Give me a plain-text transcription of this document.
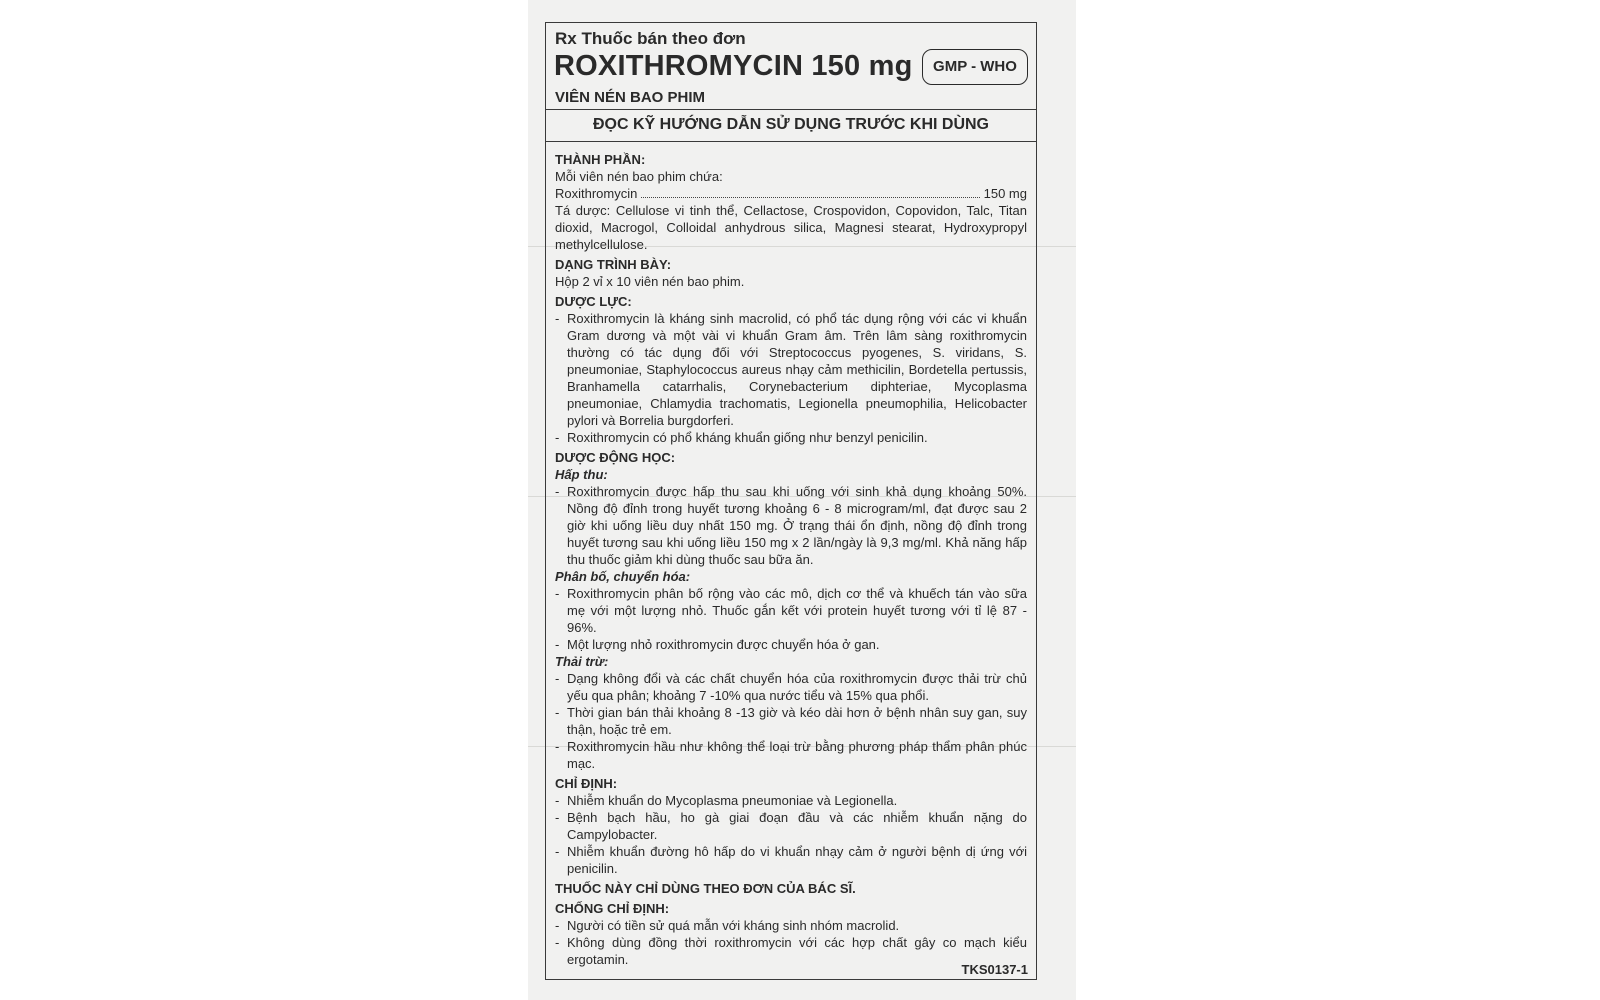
Rx Thuốc bán theo đơn
ROXITHROMYCIN 150 mg	GMP - WHO
VIÊN NÉN BAO PHIM
ĐỌC KỸ HƯỚNG DẪN SỬ DỤNG TRƯỚC KHI DÙNG
THÀNH PHẦN:
Mỗi viên nén bao phim chứa:
Roxithromycin	150 mg
Tá dược: Cellulose vi tinh thể, Cellactose, Crospovidon, Copovidon, Talc, Titan dioxid, Macrogol, Colloidal anhydrous silica, Magnesi stearat, Hydroxypropyl methylcellulose.
DẠNG TRÌNH BÀY:
Hộp 2 vỉ x 10 viên nén bao phim.
DƯỢC LỰC:
- Roxithromycin là kháng sinh macrolid, có phổ tác dụng rộng với các vi khuẩn Gram dương và một vài vi khuẩn Gram âm. Trên lâm sàng roxithromycin thường có tác dụng đối với Streptococcus pyogenes, S. viridans, S. pneumoniae, Staphylococcus aureus nhạy cảm methicilin, Bordetella pertussis, Branhamella catarrhalis, Corynebacterium diphteriae, Mycoplasma pneumoniae, Chlamydia trachomatis, Legionella pneumophilia, Helicobacter pylori và Borrelia burgdorferi.
- Roxithromycin có phổ kháng khuẩn giống như benzyl penicilin.
DƯỢC ĐỘNG HỌC:
Hấp thu:
- Roxithromycin được hấp thu sau khi uống với sinh khả dụng khoảng 50%. Nồng độ đỉnh trong huyết tương khoảng 6 - 8 microgram/ml, đạt được sau 2 giờ khi uống liều duy nhất 150 mg. Ở trạng thái ổn định, nồng độ đỉnh trong huyết tương sau khi uống liều 150 mg x 2 lần/ngày là 9,3 mg/ml. Khả năng hấp thu thuốc giảm khi dùng thuốc sau bữa ăn.
Phân bố, chuyển hóa:
- Roxithromycin phân bố rộng vào các mô, dịch cơ thể và khuếch tán vào sữa mẹ với một lượng nhỏ. Thuốc gắn kết với protein huyết tương với tỉ lệ 87 - 96%.
- Một lượng nhỏ roxithromycin được chuyển hóa ở gan.
Thải trừ:
- Dạng không đổi và các chất chuyển hóa của roxithromycin được thải trừ chủ yếu qua phân; khoảng 7 -10% qua nước tiểu và 15% qua phổi.
- Thời gian bán thải khoảng 8 -13 giờ và kéo dài hơn ở bệnh nhân suy gan, suy thận, hoặc trẻ em.
- Roxithromycin hầu như không thể loại trừ bằng phương pháp thẩm phân phúc mạc.
CHỈ ĐỊNH:
- Nhiễm khuẩn do Mycoplasma pneumoniae và Legionella.
- Bệnh bạch hầu, ho gà giai đoạn đầu và các nhiễm khuẩn nặng do Campylobacter.
- Nhiễm khuẩn đường hô hấp do vi khuẩn nhạy cảm ở người bệnh dị ứng với penicilin.
THUỐC NÀY CHỈ DÙNG THEO ĐƠN CỦA BÁC SĨ.
CHỐNG CHỈ ĐỊNH:
- Người có tiền sử quá mẫn với kháng sinh nhóm macrolid.
- Không dùng đồng thời roxithromycin với các hợp chất gây co mạch kiểu ergotamin.
TKS0137-1
